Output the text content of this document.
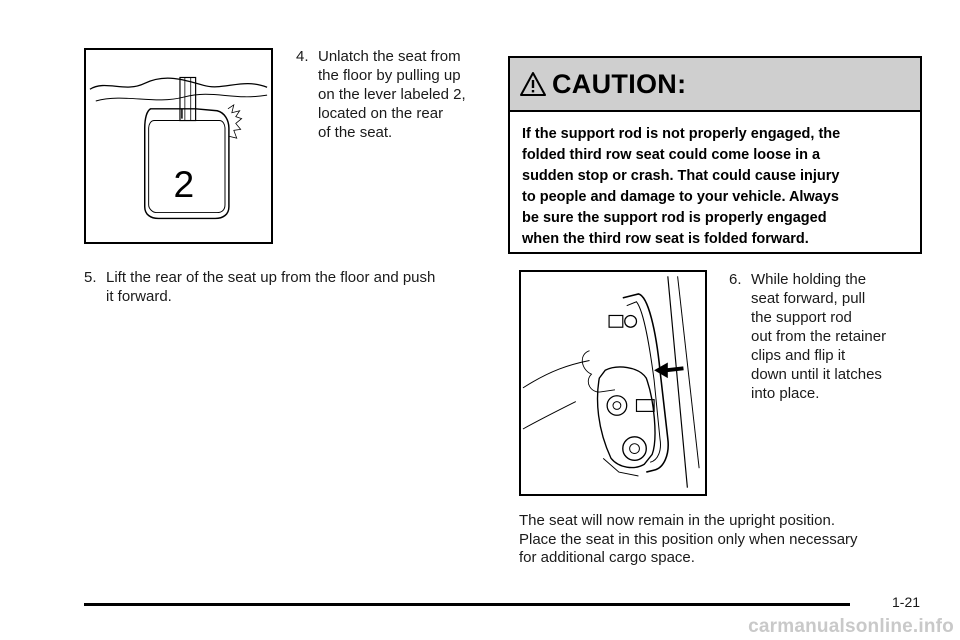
2
4. Unlatch the seat from
the floor by pulling up
on the lever labeled 2,
located on the rear
of the seat.
5. Lift the rear of the seat up from the floor and push
it forward.
CAUTION:
If the support rod is not properly engaged, the
folded third row seat could come loose in a
sudden stop or crash. That could cause injury
to people and damage to your vehicle. Always
be sure the support rod is properly engaged
when the third row seat is folded forward.
6. While holding the
seat forward, pull
the support rod
out from the retainer
clips and flip it
down until it latches
into place.
The seat will now remain in the upright position.
Place the seat in this position only when necessary
for additional cargo space.
1-21
carmanualsonline.info
